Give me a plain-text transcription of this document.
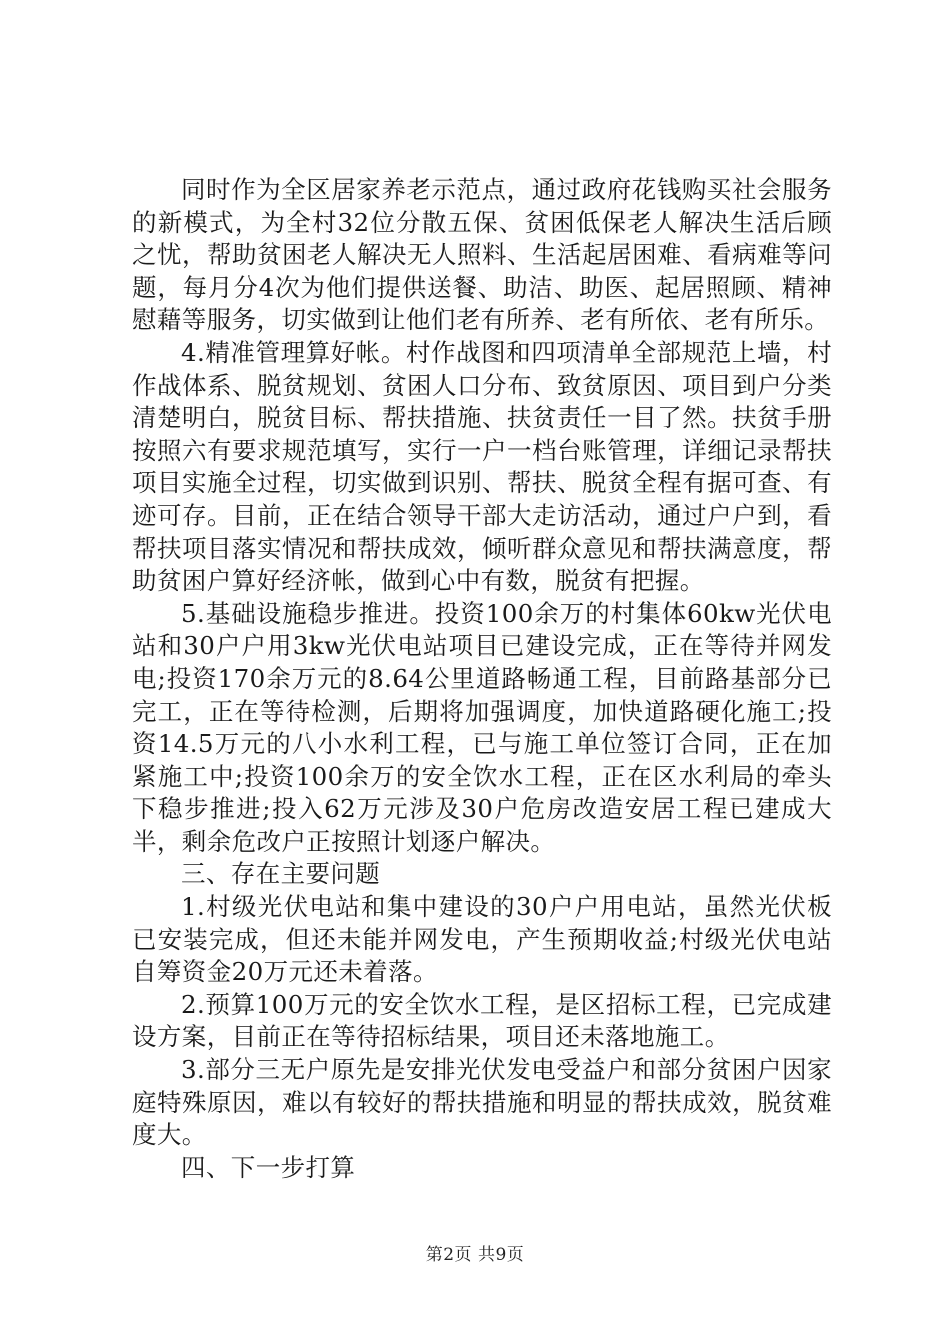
同时作为全区居家养老示范点，通过政府花钱购买社会服务的新模式，为全村32位分散五保、贫困低保老人解决生活后顾之忧，帮助贫困老人解决无人照料、生活起居困难、看病难等问题，每月分4次为他们提供送餐、助洁、助医、起居照顾、精神慰藉等服务，切实做到让他们老有所养、老有所依、老有所乐。

4.精准管理算好帐。村作战图和四项清单全部规范上墙，村作战体系、脱贫规划、贫困人口分布、致贫原因、项目到户分类清楚明白，脱贫目标、帮扶措施、扶贫责任一目了然。扶贫手册按照六有要求规范填写，实行一户一档台账管理，详细记录帮扶项目实施全过程，切实做到识别、帮扶、脱贫全程有据可查、有迹可存。目前，正在结合领导干部大走访活动，通过户户到，看帮扶项目落实情况和帮扶成效，倾听群众意见和帮扶满意度，帮助贫困户算好经济帐，做到心中有数，脱贫有把握。

5.基础设施稳步推进。投资100余万的村集体60kw光伏电站和30户户用3kw光伏电站项目已建设完成，正在等待并网发电;投资170余万元的8.64公里道路畅通工程，目前路基部分已完工，正在等待检测，后期将加强调度，加快道路硬化施工;投资14.5万元的八小水利工程，已与施工单位签订合同，正在加紧施工中;投资100余万的安全饮水工程，正在区水利局的牵头下稳步推进;投入62万元涉及30户危房改造安居工程已建成大半，剩余危改户正按照计划逐户解决。

三、存在主要问题

1.村级光伏电站和集中建设的30户户用电站，虽然光伏板已安装完成，但还未能并网发电，产生预期收益;村级光伏电站自筹资金20万元还未着落。

2.预算100万元的安全饮水工程，是区招标工程，已完成建设方案，目前正在等待招标结果，项目还未落地施工。

3.部分三无户原先是安排光伏发电受益户和部分贫困户因家庭特殊原因，难以有较好的帮扶措施和明显的帮扶成效，脱贫难度大。

四、下一步打算

第2页 共9页
